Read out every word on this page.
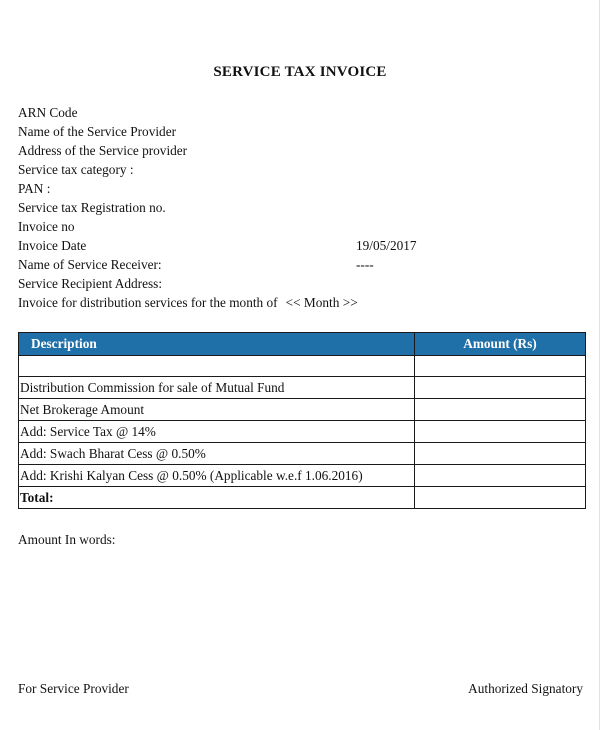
SERVICE TAX INVOICE
ARN Code
Name of the Service Provider
Address of the Service provider
Service tax category :
PAN :
Service tax Registration no.
Invoice no
Invoice Date	19/05/2017
Name of Service Receiver:	----
Service Recipient Address:
Invoice for distribution services for the month of << Month >>
Description	Amount (Rs)

Distribution Commission for sale of Mutual Fund	
Net Brokerage Amount	
Add: Service Tax @ 14%	
Add: Swach Bharat Cess @ 0.50%	
Add: Krishi Kalyan Cess @ 0.50% (Applicable w.e.f 1.06.2016)	
Total:	
Amount In words:
For Service Provider	Authorized Signatory
